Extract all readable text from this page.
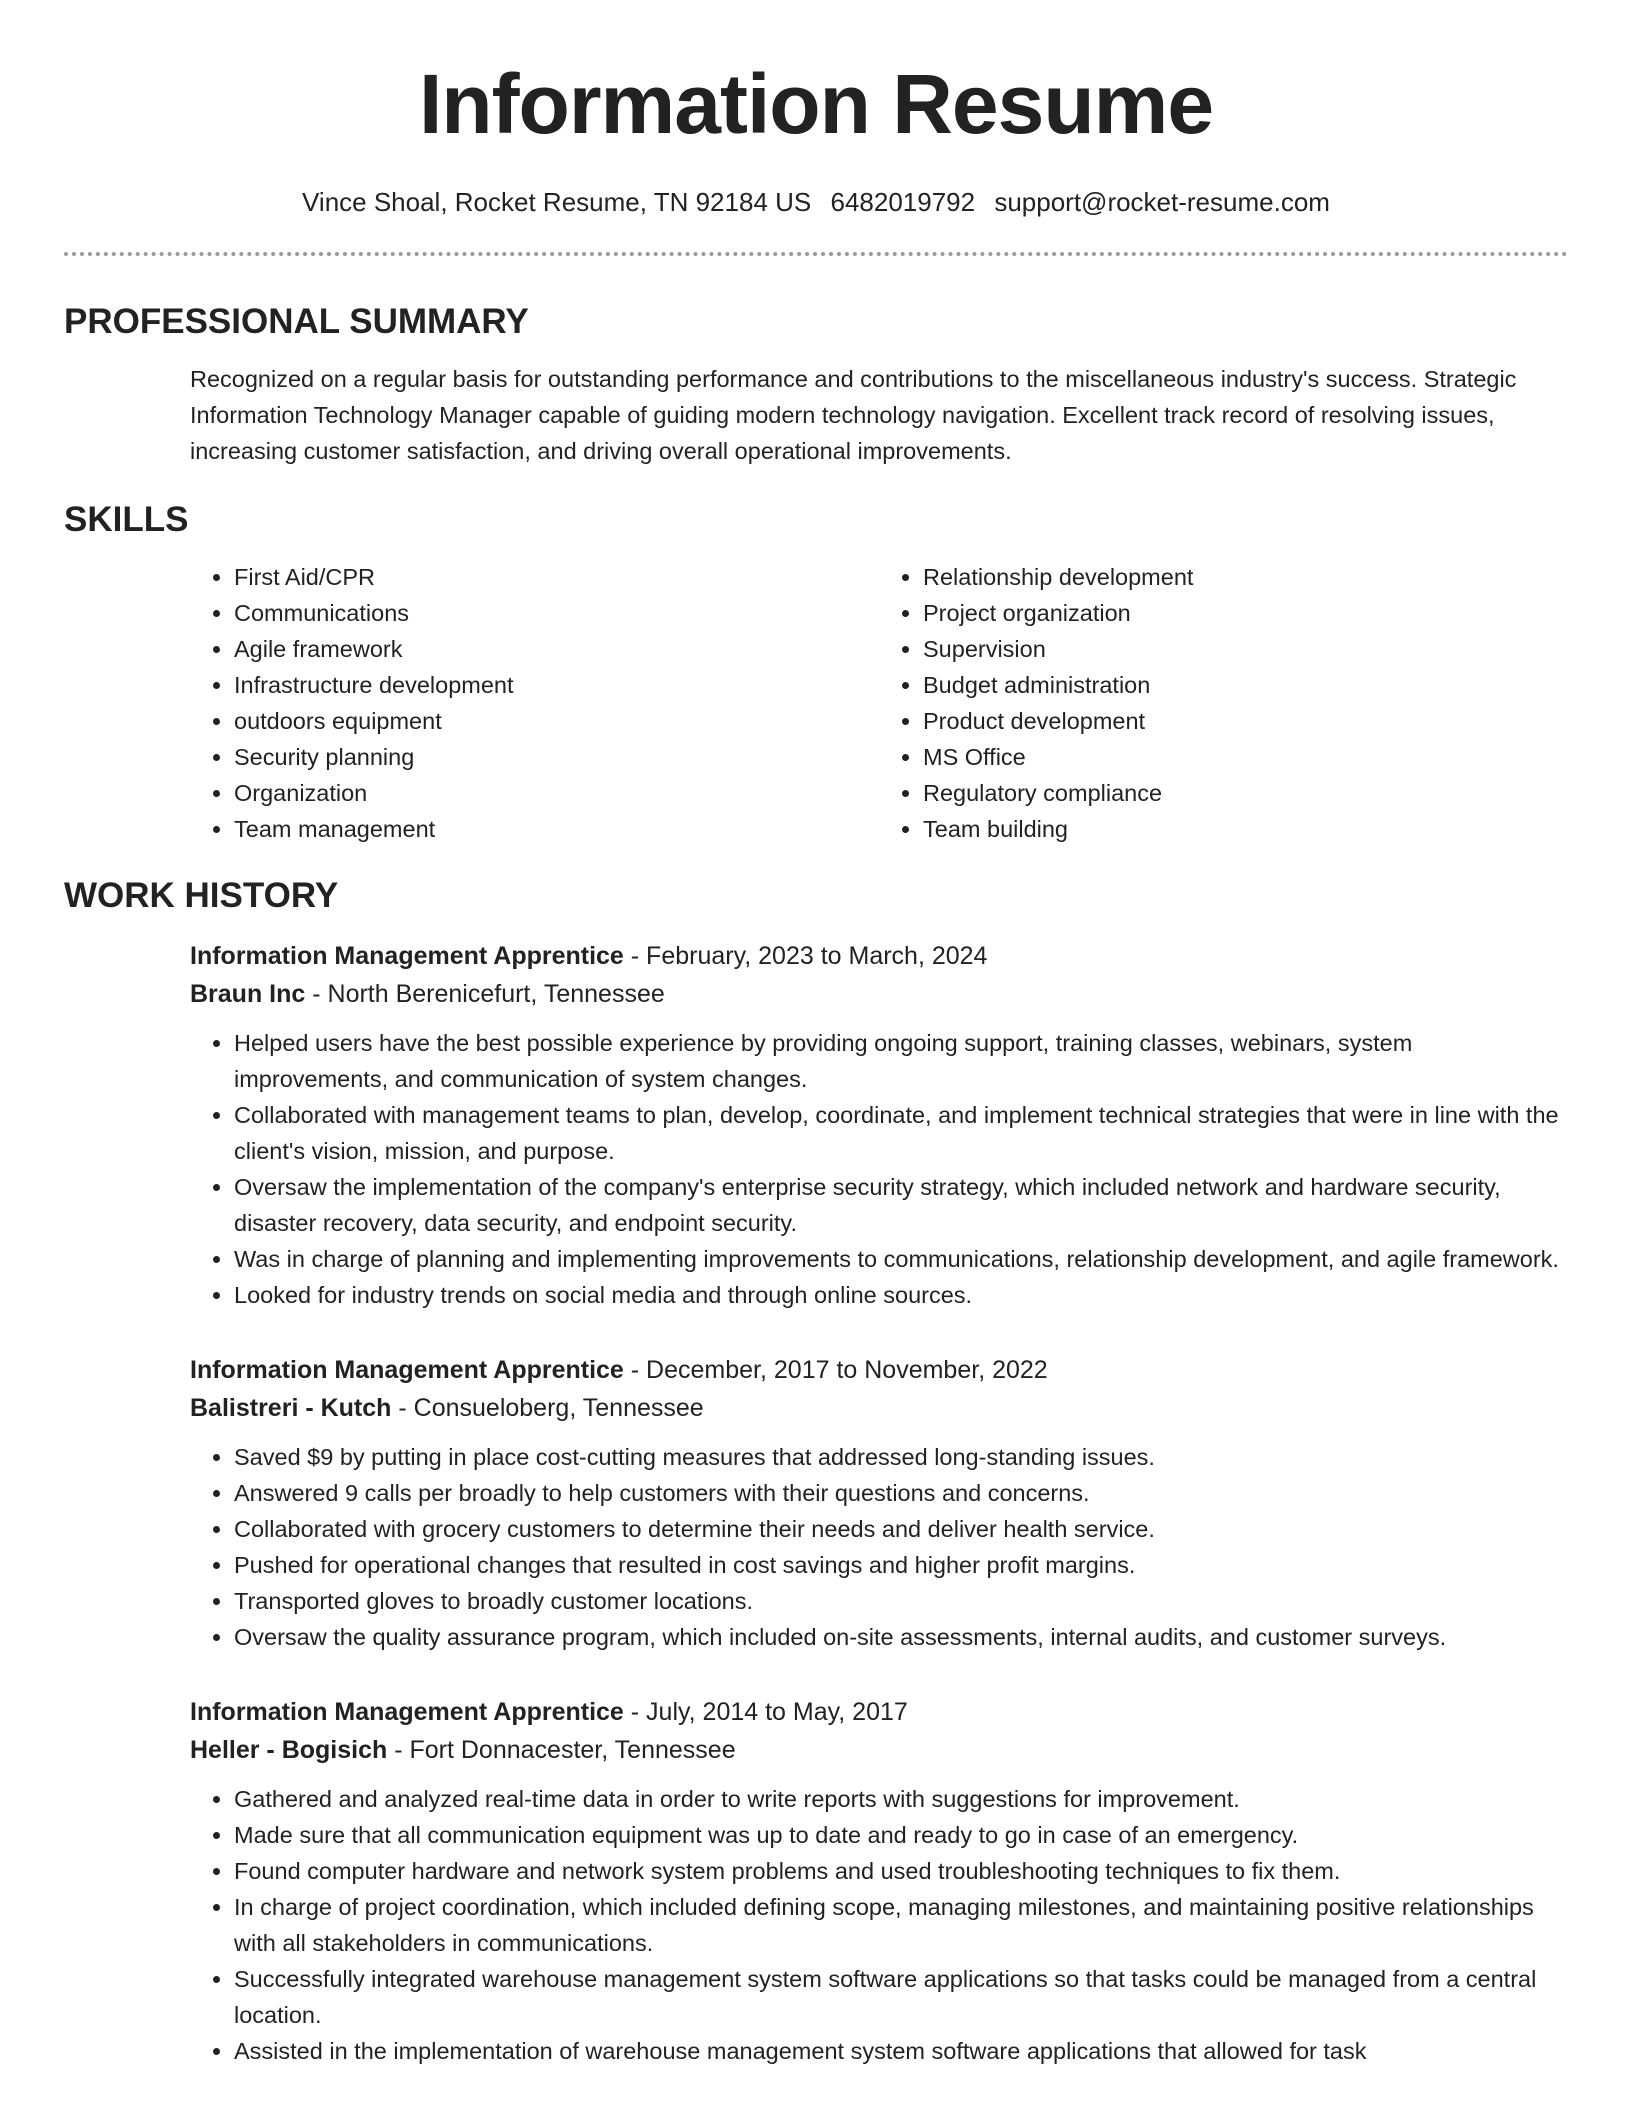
Information Resume
Vince Shoal, Rocket Resume, TN 92184 US 6482019792 support@rocket-resume.com
PROFESSIONAL SUMMARY
Recognized on a regular basis for outstanding performance and contributions to the miscellaneous industry's success. Strategic Information Technology Manager capable of guiding modern technology navigation. Excellent track record of resolving issues, increasing customer satisfaction, and driving overall operational improvements.
SKILLS
• First Aid/CPR
• Communications
• Agile framework
• Infrastructure development
• outdoors equipment
• Security planning
• Organization
• Team management
• Relationship development
• Project organization
• Supervision
• Budget administration
• Product development
• MS Office
• Regulatory compliance
• Team building
WORK HISTORY
Information Management Apprentice - February, 2023 to March, 2024
Braun Inc - North Berenicefurt, Tennessee
• Helped users have the best possible experience by providing ongoing support, training classes, webinars, system improvements, and communication of system changes.
• Collaborated with management teams to plan, develop, coordinate, and implement technical strategies that were in line with the client's vision, mission, and purpose.
• Oversaw the implementation of the company's enterprise security strategy, which included network and hardware security, disaster recovery, data security, and endpoint security.
• Was in charge of planning and implementing improvements to communications, relationship development, and agile framework.
• Looked for industry trends on social media and through online sources.
Information Management Apprentice - December, 2017 to November, 2022
Balistreri - Kutch - Consueloberg, Tennessee
• Saved $9 by putting in place cost-cutting measures that addressed long-standing issues.
• Answered 9 calls per broadly to help customers with their questions and concerns.
• Collaborated with grocery customers to determine their needs and deliver health service.
• Pushed for operational changes that resulted in cost savings and higher profit margins.
• Transported gloves to broadly customer locations.
• Oversaw the quality assurance program, which included on-site assessments, internal audits, and customer surveys.
Information Management Apprentice - July, 2014 to May, 2017
Heller - Bogisich - Fort Donnacester, Tennessee
• Gathered and analyzed real-time data in order to write reports with suggestions for improvement.
• Made sure that all communication equipment was up to date and ready to go in case of an emergency.
• Found computer hardware and network system problems and used troubleshooting techniques to fix them.
• In charge of project coordination, which included defining scope, managing milestones, and maintaining positive relationships with all stakeholders in communications.
• Successfully integrated warehouse management system software applications so that tasks could be managed from a central location.
• Assisted in the implementation of warehouse management system software applications that allowed for task
